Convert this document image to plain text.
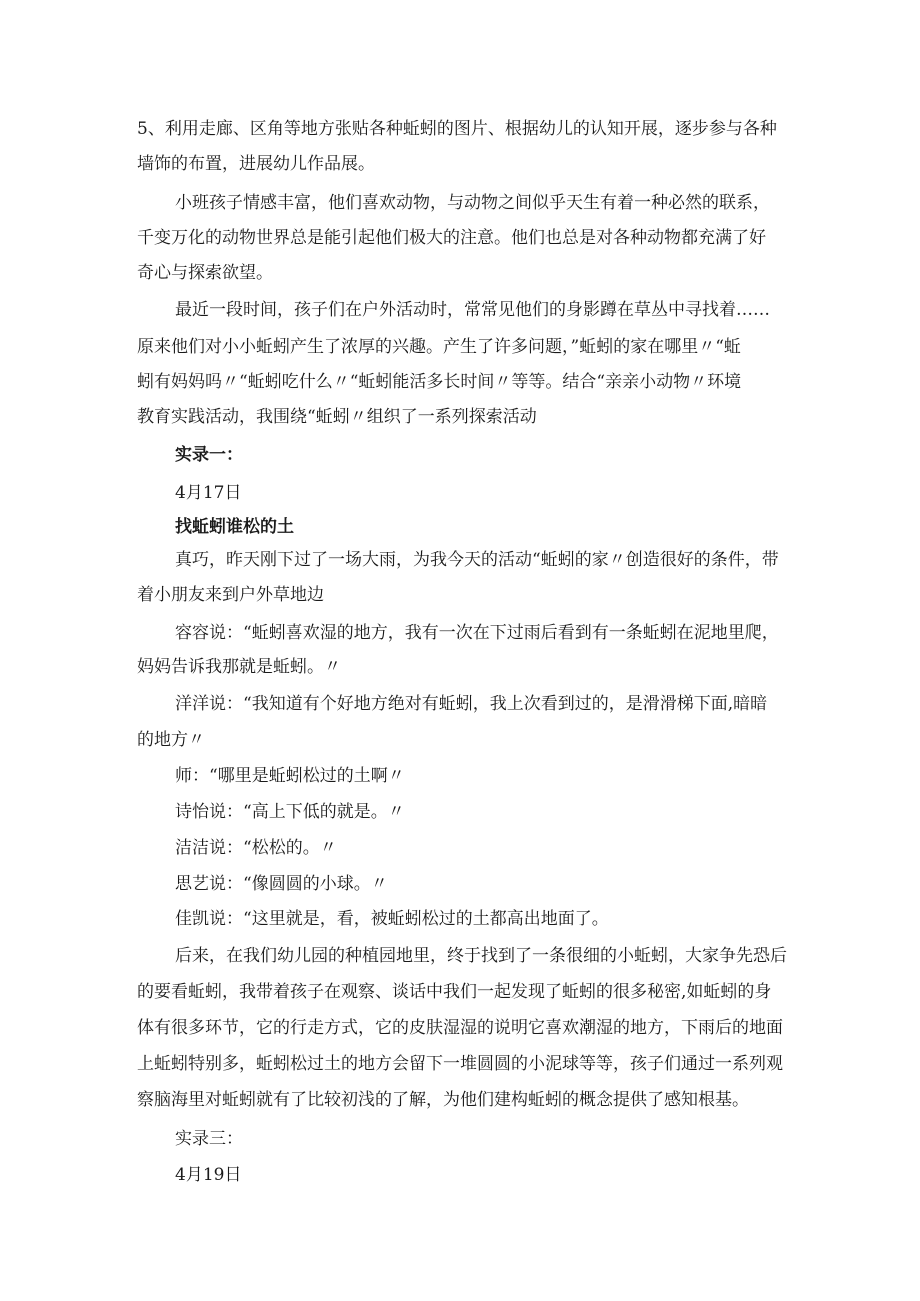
5、利用走廊、区角等地方张贴各种蚯蚓的图片、根据幼儿的认知开展，逐步参与各种
墙饰的布置，进展幼儿作品展。
小班孩子情感丰富，他们喜欢动物，与动物之间似乎天生有着一种必然的联系，
千变万化的动物世界总是能引起他们极大的注意。他们也总是对各种动物都充满了好
奇心与探索欲望。
最近一段时间，孩子们在户外活动时，常常见他们的身影蹲在草丛中寻找着……
原来他们对小小蚯蚓产生了浓厚的兴趣。产生了许多问题，”蚯蚓的家在哪里〃“蚯
蚓有妈妈吗〃“蚯蚓吃什么〃“蚯蚓能活多长时间〃等等。结合“亲亲小动物〃环境
教育实践活动，我围绕“蚯蚓〃组织了一系列探索活动
实录一：
4月17日
找蚯蚓谁松的土
真巧，昨天刚下过了一场大雨，为我今天的活动“蚯蚓的家〃创造很好的条件，带
着小朋友来到户外草地边
容容说：“蚯蚓喜欢湿的地方，我有一次在下过雨后看到有一条蚯蚓在泥地里爬，
妈妈告诉我那就是蚯蚓。〃
洋洋说：“我知道有个好地方绝对有蚯蚓，我上次看到过的，是滑滑梯下面,暗暗
的地方〃
师：“哪里是蚯蚓松过的土啊〃
诗怡说：“高上下低的就是。〃
洁洁说：“松松的。〃
思艺说：“像圆圆的小球。〃
佳凯说：“这里就是，看，被蚯蚓松过的土都高出地面了。
后来，在我们幼儿园的种植园地里，终于找到了一条很细的小蚯蚓，大家争先恐后
的要看蚯蚓，我带着孩子在观察、谈话中我们一起发现了蚯蚓的很多秘密,如蚯蚓的身
体有很多环节，它的行走方式，它的皮肤湿湿的说明它喜欢潮湿的地方，下雨后的地面
上蚯蚓特别多，蚯蚓松过土的地方会留下一堆圆圆的小泥球等等，孩子们通过一系列观
察脑海里对蚯蚓就有了比较初浅的了解，为他们建构蚯蚓的概念提供了感知根基。
实录三：
4月19日
